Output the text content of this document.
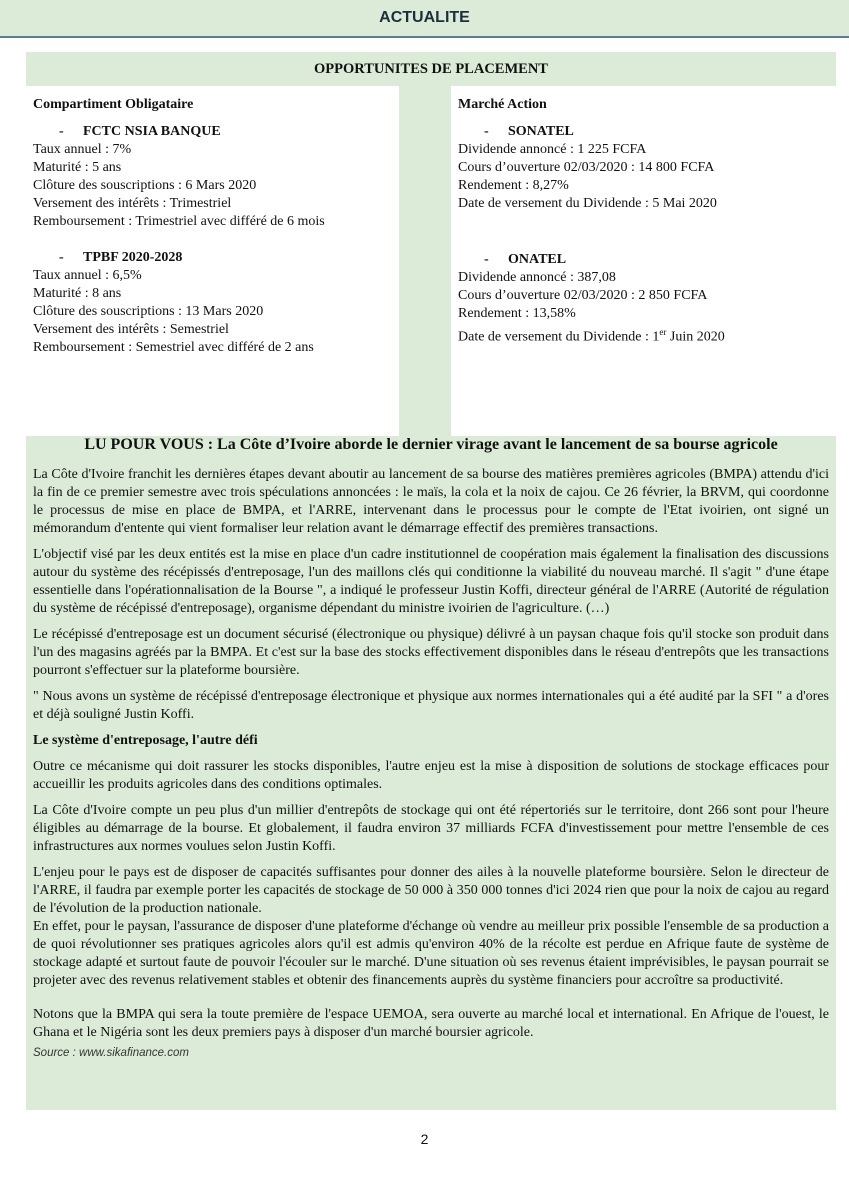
ACTUALITE
OPPORTUNITES DE PLACEMENT
Compartiment Obligataire
- FCTC NSIA BANQUE
Taux annuel : 7%
Maturité : 5 ans
Clôture des souscriptions : 6 Mars 2020
Versement des intérêts : Trimestriel
Remboursement : Trimestriel avec différé de 6 mois
- TPBF 2020-2028
Taux annuel : 6,5%
Maturité : 8 ans
Clôture des souscriptions : 13 Mars 2020
Versement des intérêts : Semestriel
Remboursement : Semestriel avec différé de 2 ans
Marché Action
- SONATEL
Dividende annoncé : 1 225 FCFA
Cours d’ouverture 02/03/2020 : 14 800 FCFA
Rendement : 8,27%
Date de versement du Dividende : 5 Mai 2020
- ONATEL
Dividende annoncé : 387,08
Cours d’ouverture 02/03/2020 : 2 850 FCFA
Rendement : 13,58%
Date de versement du Dividende : 1er Juin 2020
LU POUR VOUS : La Côte d’Ivoire aborde le dernier virage avant le lancement de sa bourse agricole

La Côte d'Ivoire franchit les dernières étapes devant aboutir au lancement de sa bourse des matières premières agricoles (BMPA) attendu d'ici la fin de ce premier semestre avec trois spéculations annoncées : le maïs, la cola et la noix de cajou. Ce 26 février, la BRVM, qui coordonne le processus de mise en place de BMPA, et l'ARRE, intervenant dans le processus pour le compte de l'Etat ivoirien, ont signé un mémorandum d'entente qui vient formaliser leur relation avant le démarrage effectif des premières transactions.

L'objectif visé par les deux entités est la mise en place d'un cadre institutionnel de coopération mais également la finalisation des discussions autour du système des récépissés d'entreposage, l'un des maillons clés qui conditionne la viabilité du nouveau marché. Il s'agit " d'une étape essentielle dans l'opérationnalisation de la Bourse ", a indiqué le professeur Justin Koffi, directeur général de l'ARRE (Autorité de régulation du système de récépissé d'entreposage), organisme dépendant du ministre ivoirien de l'agriculture. (…)

Le récépissé d'entreposage est un document sécurisé (électronique ou physique) délivré à un paysan chaque fois qu'il stocke son produit dans l'un des magasins agréés par la BMPA. Et c'est sur la base des stocks effectivement disponibles dans le réseau d'entrepôts que les transactions pourront s'effectuer sur la plateforme boursière.

" Nous avons un système de récépissé d'entreposage électronique et physique aux normes internationales qui a été audité par la SFI " a d'ores et déjà souligné Justin Koffi.

Le système d'entreposage, l'autre défi

Outre ce mécanisme qui doit rassurer les stocks disponibles, l'autre enjeu est la mise à disposition de solutions de stockage efficaces pour accueillir les produits agricoles dans des conditions optimales.

La Côte d'Ivoire compte un peu plus d'un millier d'entrepôts de stockage qui ont été répertoriés sur le territoire, dont 266 sont pour l'heure éligibles au démarrage de la bourse. Et globalement, il faudra environ 37 milliards FCFA d'investissement pour mettre l'ensemble de ces infrastructures aux normes voulues selon Justin Koffi.

L'enjeu pour le pays est de disposer de capacités suffisantes pour donner des ailes à la nouvelle plateforme boursière. Selon le directeur de l'ARRE, il faudra par exemple porter les capacités de stockage de 50 000 à 350 000 tonnes d'ici 2024 rien que pour la noix de cajou au regard de l'évolution de la production nationale.

En effet, pour le paysan, l'assurance de disposer d'une plateforme d'échange où vendre au meilleur prix possible l'ensemble de sa production a de quoi révolutionner ses pratiques agricoles alors qu'il est admis qu'environ 40% de la récolte est perdue en Afrique faute de système de stockage adapté et surtout faute de pouvoir l'écouler sur le marché. D'une situation où ses revenus étaient imprévisibles, le paysan pourrait se projeter avec des revenus relativement stables et obtenir des financements auprès du système financiers pour accroître sa productivité.

Notons que la BMPA qui sera la toute première de l'espace UEMOA, sera ouverte au marché local et international. En Afrique de l'ouest, le Ghana et le Nigéria sont les deux premiers pays à disposer d'un marché boursier agricole.

Source : www.sikafinance.com
2
